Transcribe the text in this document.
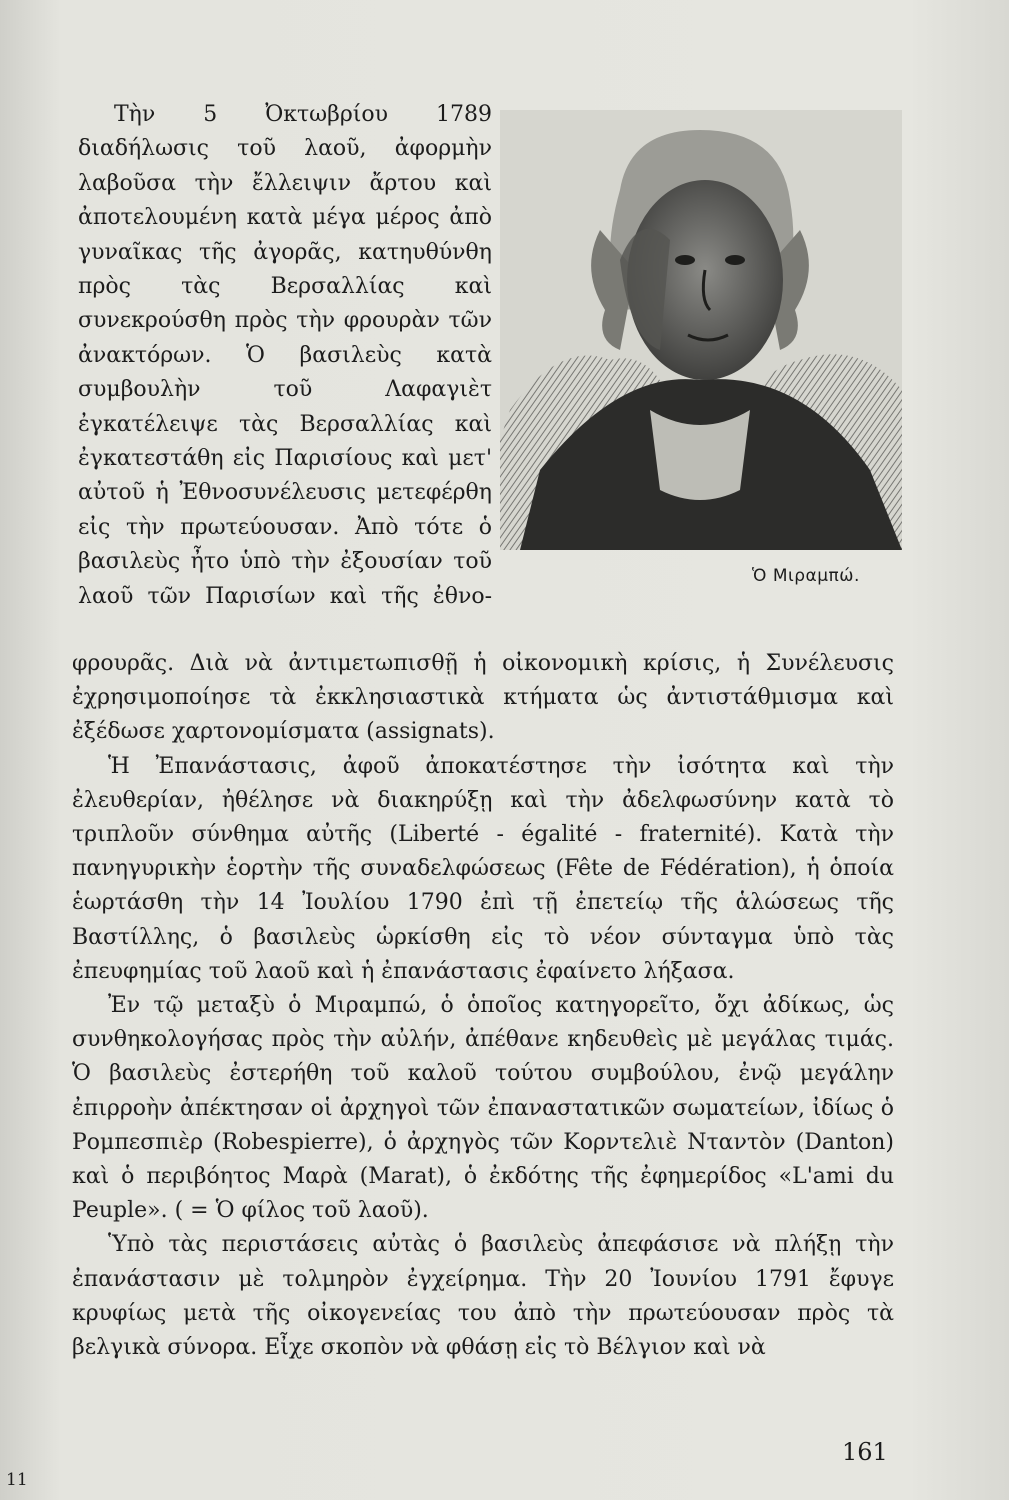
Τὴν 5 Ὀκτωβρίου 1789 διαδήλωσις τοῦ λαοῦ, ἀφορμὴν λαβοῦσα τὴν ἔλλειψιν ἄρτου καὶ ἀποτελουμένη κατὰ μέγα μέρος ἀπὸ γυναῖκας τῆς ἀγορᾶς, κατηυθύνθη πρὸς τὰς Βερσαλλίας καὶ συνεκρούσθη πρὸς τὴν φρουρὰν τῶν ἀνακτόρων. Ὁ βασιλεὺς κατὰ συμβουλὴν τοῦ Λαφαγιὲτ ἐγκατέλειψε τὰς Βερσαλλίας καὶ ἐγκατεστάθη εἰς Παρισίους καὶ μετ' αὐτοῦ ἡ Ἐθνοσυνέλευσις μετεφέρθη εἰς τὴν πρωτεύουσαν. Ἀπὸ τότε ὁ βασιλεὺς ἦτο ὑπὸ τὴν ἐξουσίαν τοῦ λαοῦ τῶν Παρισίων καὶ τῆς ἐθνο-

Ὁ Μιραμπώ.

φρουρᾶς. Διὰ νὰ ἀντιμετωπισθῇ ἡ οἰκονομικὴ κρίσις, ἡ Συνέλευσις ἐχρησιμοποίησε τὰ ἐκκλησιαστικὰ κτήματα ὡς ἀντιστάθμισμα καὶ ἐξέδωσε χαρτονομίσματα (assignats).

Ἡ Ἐπανάστασις, ἀφοῦ ἀποκατέστησε τὴν ἰσότητα καὶ τὴν ἐλευθερίαν, ἠθέλησε νὰ διακηρύξῃ καὶ τὴν ἀδελφωσύνην κατὰ τὸ τριπλοῦν σύνθημα αὐτῆς (Liberté - égalité - fraternité). Κατὰ τὴν πανηγυρικὴν ἑορτὴν τῆς συναδελφώσεως (Fête de Fédération), ἡ ὁποία ἑωρτάσθη τὴν 14 Ἰουλίου 1790 ἐπὶ τῇ ἐπετείῳ τῆς ἁλώσεως τῆς Βαστίλλης, ὁ βασιλεὺς ὡρκίσθη εἰς τὸ νέον σύνταγμα ὑπὸ τὰς ἐπευφημίας τοῦ λαοῦ καὶ ἡ ἐπανάστασις ἐφαίνετο λήξασα.

Ἐν τῷ μεταξὺ ὁ Μιραμπώ, ὁ ὁποῖος κατηγορεῖτο, ὄχι ἀδίκως, ὡς συνθηκολογήσας πρὸς τὴν αὐλήν, ἀπέθανε κηδευθεὶς μὲ μεγάλας τιμάς. Ὁ βασιλεὺς ἐστερήθη τοῦ καλοῦ τούτου συμβούλου, ἐνῷ μεγάλην ἐπιρροὴν ἀπέκτησαν οἱ ἀρχηγοὶ τῶν ἐπαναστατικῶν σωματείων, ἰδίως ὁ Ρομπεσπιὲρ (Robespierre), ὁ ἀρχηγὸς τῶν Κορντελιὲ Νταντὸν (Danton) καὶ ὁ περιβόητος Μαρὰ (Marat), ὁ ἐκδότης τῆς ἐφημερίδος «L'ami du Peuple». ( = Ὁ φίλος τοῦ λαοῦ).

Ὑπὸ τὰς περιστάσεις αὐτὰς ὁ βασιλεὺς ἀπεφάσισε νὰ πλήξῃ τὴν ἐπανάστασιν μὲ τολμηρὸν ἐγχείρημα. Τὴν 20 Ἰουνίου 1791 ἔφυγε κρυφίως μετὰ τῆς οἰκογενείας του ἀπὸ τὴν πρωτεύουσαν πρὸς τὰ βελγικὰ σύνορα. Εἶχε σκοπὸν νὰ φθάσῃ εἰς τὸ Βέλγιον καὶ νὰ

161
11
